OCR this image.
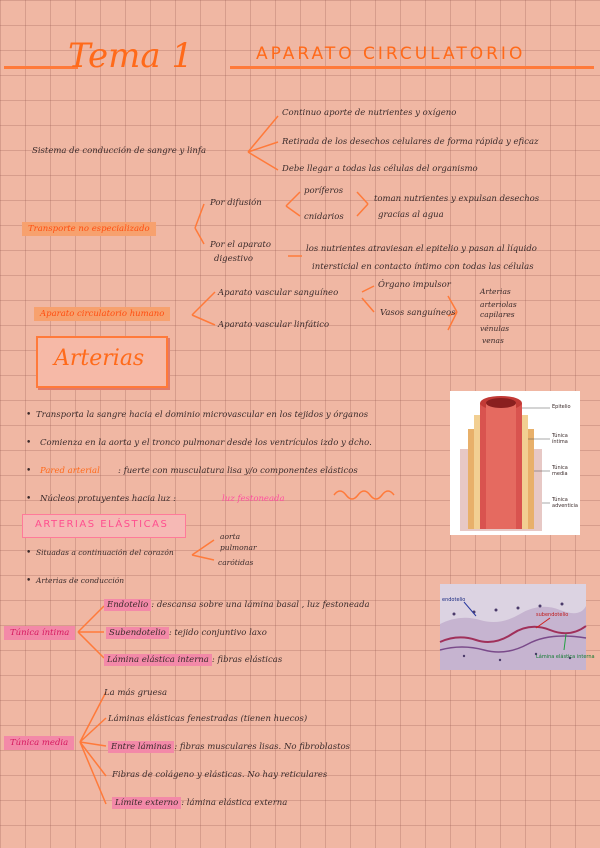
Tema 1	APARATO CIRCULATORIO
Sistema de conducción de sangre y linfa
Continuo aporte de nutrientes y oxígeno
Retirada de los desechos celulares de forma rápida y eficaz
Debe llegar a todas las células del organismo
Transporte no especializado
Por difusión
poríferos
cnidarios
toman nutrientes y expulsan desechos
gracias al agua
Por el aparato
digestivo
los nutrientes atraviesan el epitelio y pasan al líquido
intersticial en contacto íntimo con todas las células
Aparato circulatorio humano
Aparato vascular sanguíneo
Aparato vascular linfático
Órgano impulsor
Vasos sanguíneos
Arterias
arteriolas
capilares
vénulas
venas
Arterias
• Transporta la sangre hacia el dominio microvascular en los tejidos y órganos
• Comienza en la aorta y el tronco pulmonar desde los ventrículos izdo y dcho.
• Pared arterial : fuerte con musculatura lisa y/o componentes elásticos
• Núcleos protuyentes hacia luz :	luz festoneada
ARTERIAS ELÁSTICAS
• Situadas a continuación del corazón
aorta
pulmonar
carótidas
• Arterias de conducción
Túnica íntima
Endotelio : descansa sobre una lámina basal , luz festoneada
Subendotelio : tejido conjuntivo laxo
Lámina elástica interna : fibras elásticas
Túnica media
La más gruesa
Láminas elásticas fenestradas (tienen huecos)
Entre láminas : fibras musculares lisas. No fibroblastos
Fibras de colágeno y elásticas. No hay reticulares
Límite externo : lámina elástica externa
Epitelio
Túnica íntima
Túnica media
Túnica adventicia
endotelio
subendotelio
Lámina elástica interna
